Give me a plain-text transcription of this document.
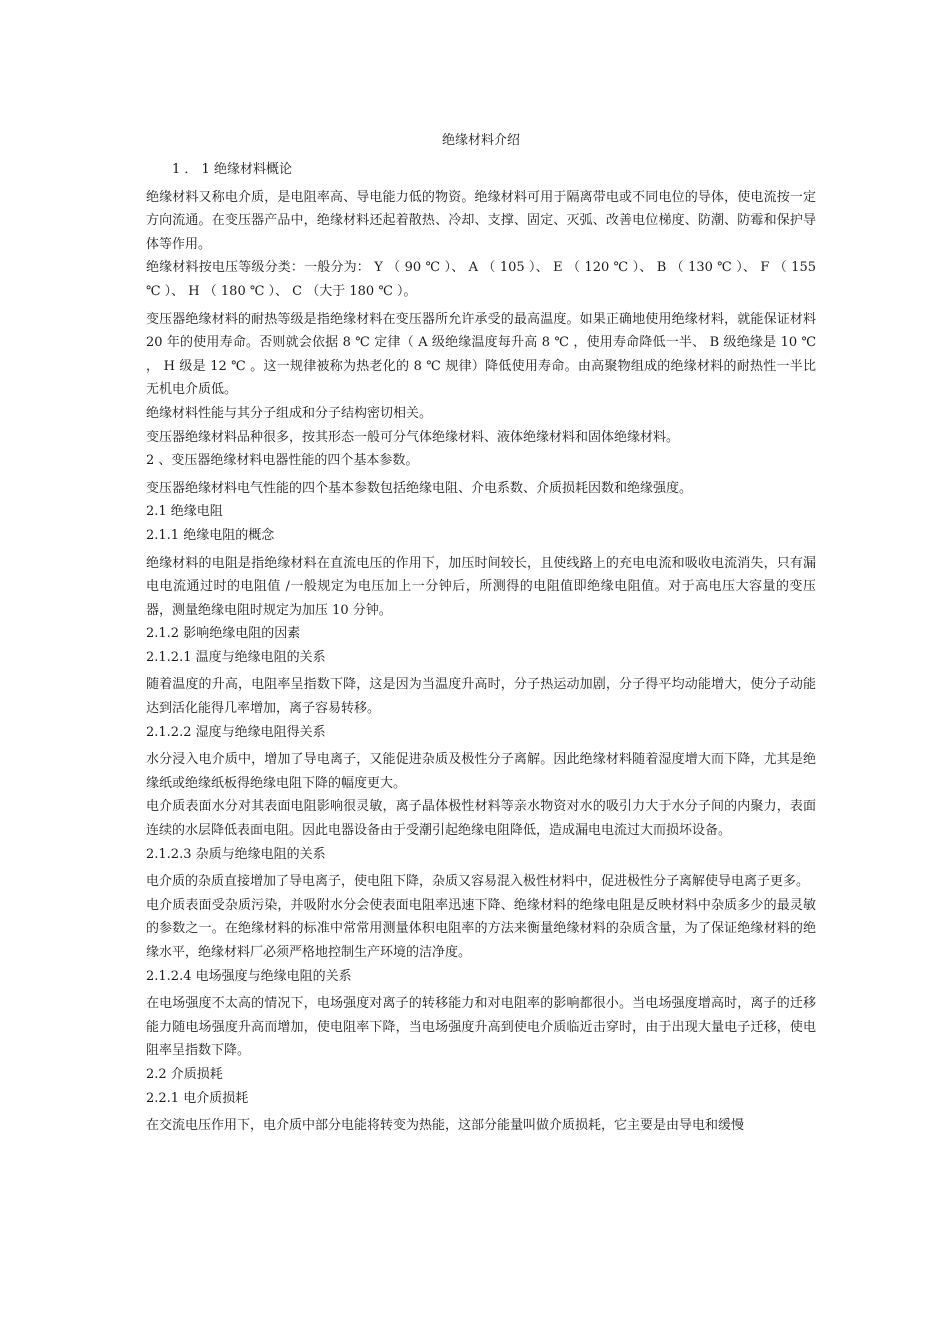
绝缘材料介绍
1 ． 1 绝缘材料概论

绝缘材料又称电介质，是电阻率高、导电能力低的物资。绝缘材料可用于隔离带电或不同电位的导体，使电流按一定方向流通。在变压器产品中，绝缘材料还起着散热、冷却、支撑、固定、灭弧、改善电位梯度、防潮、防霉和保护导体等作用。

绝缘材料按电压等级分类：一般分为： Y （ 90 ℃ ）、 A （ 105 ）、 E （ 120 ℃ ）、 B （ 130 ℃ ）、 F （ 155 ℃ ）、 H （ 180 ℃ ）、 C （大于 180 ℃ ）。

变压器绝缘材料的耐热等级是指绝缘材料在变压器所允许承受的最高温度。如果正确地使用绝缘材料，就能保证材料 20 年的使用寿命。否则就会依据 8 ℃ 定律（ A 级绝缘温度每升高 8 ℃ ，使用寿命降低一半、 B 级绝缘是 10 ℃ ， H 级是 12 ℃ 。这一规律被称为热老化的 8 ℃ 规律）降低使用寿命。由高聚物组成的绝缘材料的耐热性一半比无机电介质低。

绝缘材料性能与其分子组成和分子结构密切相关。

变压器绝缘材料品种很多，按其形态一般可分气体绝缘材料、液体绝缘材料和固体绝缘材料。

2 、变压器绝缘材料电器性能的四个基本参数。

变压器绝缘材料电气性能的四个基本参数包括绝缘电阻、介电系数、介质损耗因数和绝缘强度。

2.1 绝缘电阻
2.1.1 绝缘电阻的概念

绝缘材料的电阻是指绝缘材料在直流电压的作用下，加压时间较长，且使线路上的充电电流和吸收电流消失，只有漏电电流通过时的电阻值 /一般规定为电压加上一分钟后，所测得的电阻值即绝缘电阻值。对于高电压大容量的变压器，测量绝缘电阻时规定为加压 10 分钟。

2.1.2 影响绝缘电阻的因素
2.1.2.1 温度与绝缘电阻的关系

随着温度的升高，电阻率呈指数下降，这是因为当温度升高时，分子热运动加剧，分子得平均动能增大，使分子动能达到活化能得几率增加，离子容易转移。

2.1.2.2 湿度与绝缘电阻得关系

水分浸入电介质中，增加了导电离子，又能促进杂质及极性分子离解。因此绝缘材料随着湿度增大而下降，尤其是绝缘纸或绝缘纸板得绝缘电阻下降的幅度更大。

电介质表面水分对其表面电阻影响很灵敏，离子晶体极性材料等亲水物资对水的吸引力大于水分子间的内聚力，表面连续的水层降低表面电阻。因此电器设备由于受潮引起绝缘电阻降低，造成漏电电流过大而损坏设备。

2.1.2.3 杂质与绝缘电阻的关系

电介质的杂质直接增加了导电离子，使电阻下降，杂质又容易混入极性材料中，促进极性分子离解使导电离子更多。

电介质表面受杂质污染，并吸附水分会使表面电阻率迅速下降、绝缘材料的绝缘电阻是反映材料中杂质多少的最灵敏的参数之一。在绝缘材料的标准中常常用测量体积电阻率的方法来衡量绝缘材料的杂质含量，为了保证绝缘材料的绝缘水平，绝缘材料厂必须严格地控制生产环境的洁净度。

2.1.2.4 电场强度与绝缘电阻的关系

在电场强度不太高的情况下，电场强度对离子的转移能力和对电阻率的影响都很小。当电场强度增高时，离子的迁移能力随电场强度升高而增加，使电阻率下降，当电场强度升高到使电介质临近击穿时，由于出现大量电子迁移，使电阻率呈指数下降。

2.2 介质损耗
2.2.1 电介质损耗

在交流电压作用下，电介质中部分电能将转变为热能，这部分能量叫做介质损耗，它主要是由导电和缓慢
